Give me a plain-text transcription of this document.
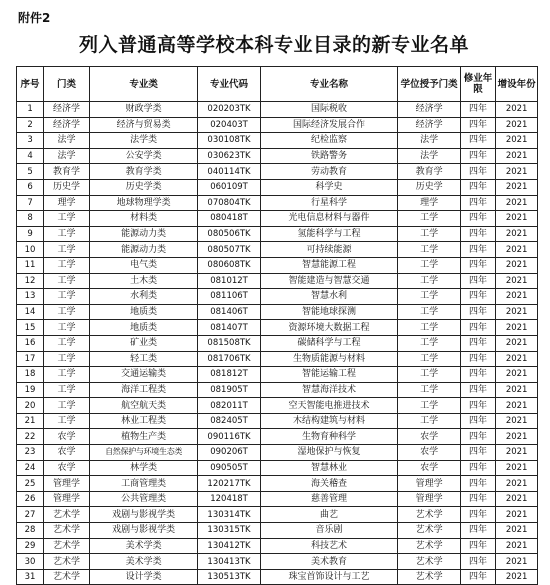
附件2
列入普通高等学校本科专业目录的新专业名单
序号	门类	专业类	专业代码	专业名称	学位授予门类	修业年限	增设年份
1	经济学	财政学类	020203TK	国际税收	经济学	四年	2021
2	经济学	经济与贸易类	020403T	国际经济发展合作	经济学	四年	2021
3	法学	法学类	030108TK	纪检监察	法学	四年	2021
4	法学	公安学类	030623TK	铁路警务	法学	四年	2021
5	教育学	教育学类	040114TK	劳动教育	教育学	四年	2021
6	历史学	历史学类	060109T	科学史	历史学	四年	2021
7	理学	地球物理学类	070804TK	行星科学	理学	四年	2021
8	工学	材料类	080418T	光电信息材料与器件	工学	四年	2021
9	工学	能源动力类	080506TK	氢能科学与工程	工学	四年	2021
10	工学	能源动力类	080507TK	可持续能源	工学	四年	2021
11	工学	电气类	080608TK	智慧能源工程	工学	四年	2021
12	工学	土木类	081012T	智能建造与智慧交通	工学	四年	2021
13	工学	水利类	081106T	智慧水利	工学	四年	2021
14	工学	地质类	081406T	智能地球探测	工学	四年	2021
15	工学	地质类	081407T	资源环境大数据工程	工学	四年	2021
16	工学	矿业类	081508TK	碳储科学与工程	工学	四年	2021
17	工学	轻工类	081706TK	生物质能源与材料	工学	四年	2021
18	工学	交通运输类	081812T	智能运输工程	工学	四年	2021
19	工学	海洋工程类	081905T	智慧海洋技术	工学	四年	2021
20	工学	航空航天类	082011T	空天智能电推进技术	工学	四年	2021
21	工学	林业工程类	082405T	木结构建筑与材料	工学	四年	2021
22	农学	植物生产类	090116TK	生物育种科学	农学	四年	2021
23	农学	自然保护与环境生态类	090206T	湿地保护与恢复	农学	四年	2021
24	农学	林学类	090505T	智慧林业	农学	四年	2021
25	管理学	工商管理类	120217TK	海关稽查	管理学	四年	2021
26	管理学	公共管理类	120418T	慈善管理	管理学	四年	2021
27	艺术学	戏剧与影视学类	130314TK	曲艺	艺术学	四年	2021
28	艺术学	戏剧与影视学类	130315TK	音乐剧	艺术学	四年	2021
29	艺术学	美术学类	130412TK	科技艺术	艺术学	四年	2021
30	艺术学	美术学类	130413TK	美术教育	艺术学	四年	2021
31	艺术学	设计学类	130513TK	珠宝首饰设计与工艺	艺术学	四年	2021
